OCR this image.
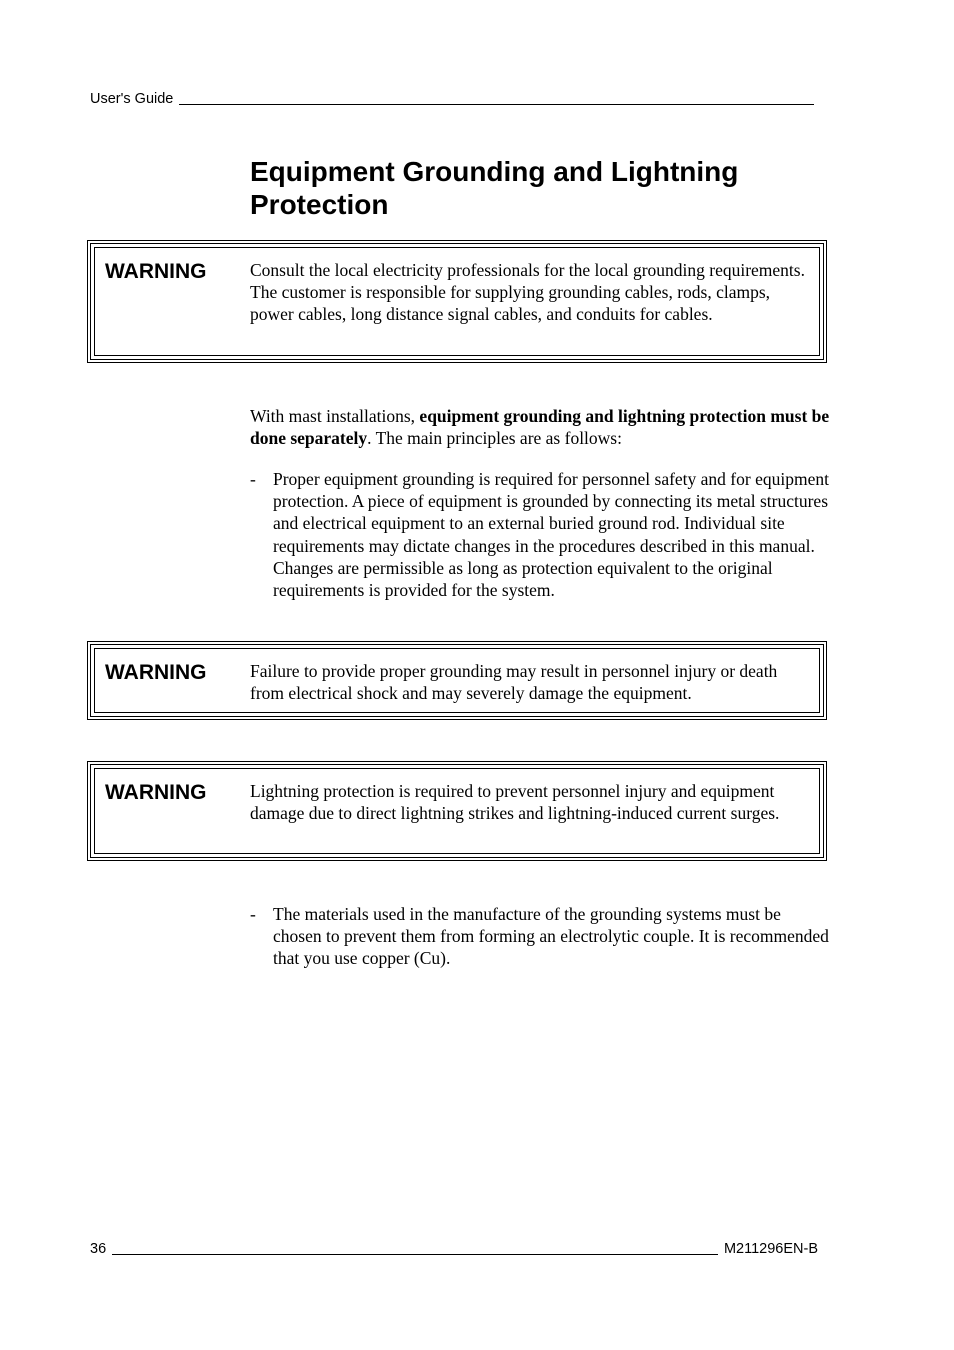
User's Guide
Equipment Grounding and Lightning Protection
WARNING Consult the local electricity professionals for the local grounding requirements. The customer is responsible for supplying grounding cables, rods, clamps, power cables, long distance signal cables, and conduits for cables.

With mast installations, equipment grounding and lightning protection must be done separately. The main principles are as follows:

- Proper equipment grounding is required for personnel safety and for equipment protection. A piece of equipment is grounded by connecting its metal structures and electrical equipment to an external buried ground rod. Individual site requirements may dictate changes in the procedures described in this manual. Changes are permissible as long as protection equivalent to the original requirements is provided for the system.
WARNING Failure to provide proper grounding may result in personnel injury or death from electrical shock and may severely damage the equipment.

WARNING Lightning protection is required to prevent personnel injury and equipment damage due to direct lightning strikes and lightning-induced current surges.

- The materials used in the manufacture of the grounding systems must be chosen to prevent them from forming an electrolytic couple. It is recommended that you use copper (Cu).
36	M211296EN-B
